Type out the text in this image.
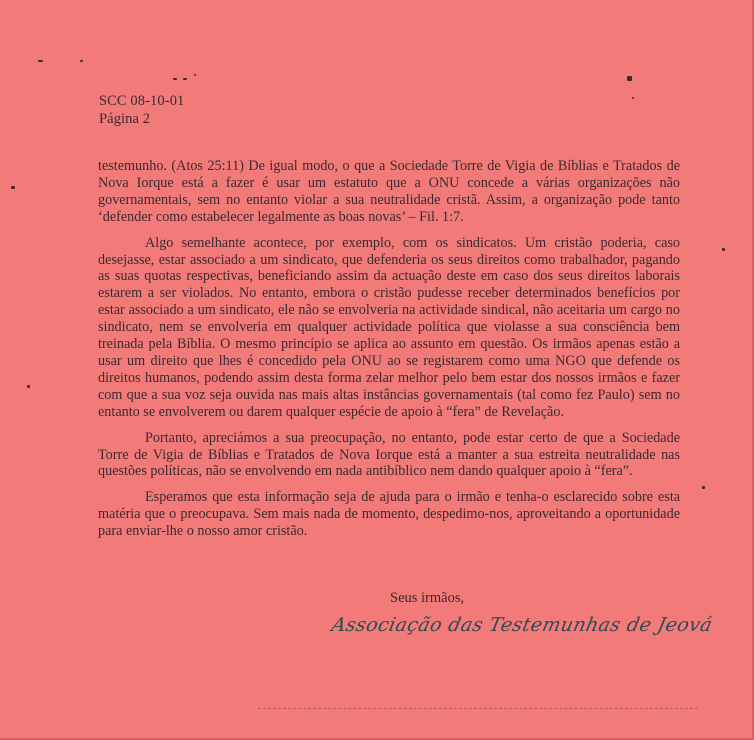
SCC 08-10-01
Página 2

testemunho. (Atos 25:11) De igual modo, o que a Sociedade Torre de Vigia de Bíblias e Tratados de Nova Iorque está a fazer é usar um estatuto que a ONU concede a várias organizações não governamentais, sem no entanto violar a sua neutralidade cristã. Assim, a organização pode tanto ‘defender como estabelecer legalmente as boas novas’ – Fil. 1:7.

Algo semelhante acontece, por exemplo, com os sindicatos. Um cristão poderia, caso desejasse, estar associado a um sindicato, que defenderia os seus direitos como trabalhador, pagando as suas quotas respectivas, beneficiando assim da actuação deste em caso dos seus direitos laborais estarem a ser violados. No entanto, embora o cristão pudesse receber determinados benefícios por estar associado a um sindicato, ele não se envolveria na actividade sindical, não aceitaria um cargo no sindicato, nem se envolveria em qualquer actividade política que violasse a sua consciência bem treinada pela Bíblia. O mesmo princípio se aplica ao assunto em questão. Os irmãos apenas estão a usar um direito que lhes é concedido pela ONU ao se registarem como uma NGO que defende os direitos humanos, podendo assim desta forma zelar melhor pelo bem estar dos nossos irmãos e fazer com que a sua voz seja ouvida nas mais altas instâncias governamentais (tal como fez Paulo) sem no entanto se envolverem ou darem qualquer espécie de apoio à “fera” de Revelação.

Portanto, apreciámos a sua preocupação, no entanto, pode estar certo de que a Sociedade Torre de Vigia de Bíblias e Tratados de Nova Iorque está a manter a sua estreita neutralidade nas questões políticas, não se envolvendo em nada antibíblico nem dando qualquer apoio à “fera”.

Esperamos que esta informação seja de ajuda para o irmão e tenha-o esclarecido sobre esta matéria que o preocupava. Sem mais nada de momento, despedimo-nos, aproveitando a oportunidade para enviar-lhe o nosso amor cristão.

Seus irmãos,
Associação das Testemunhas de Jeová
